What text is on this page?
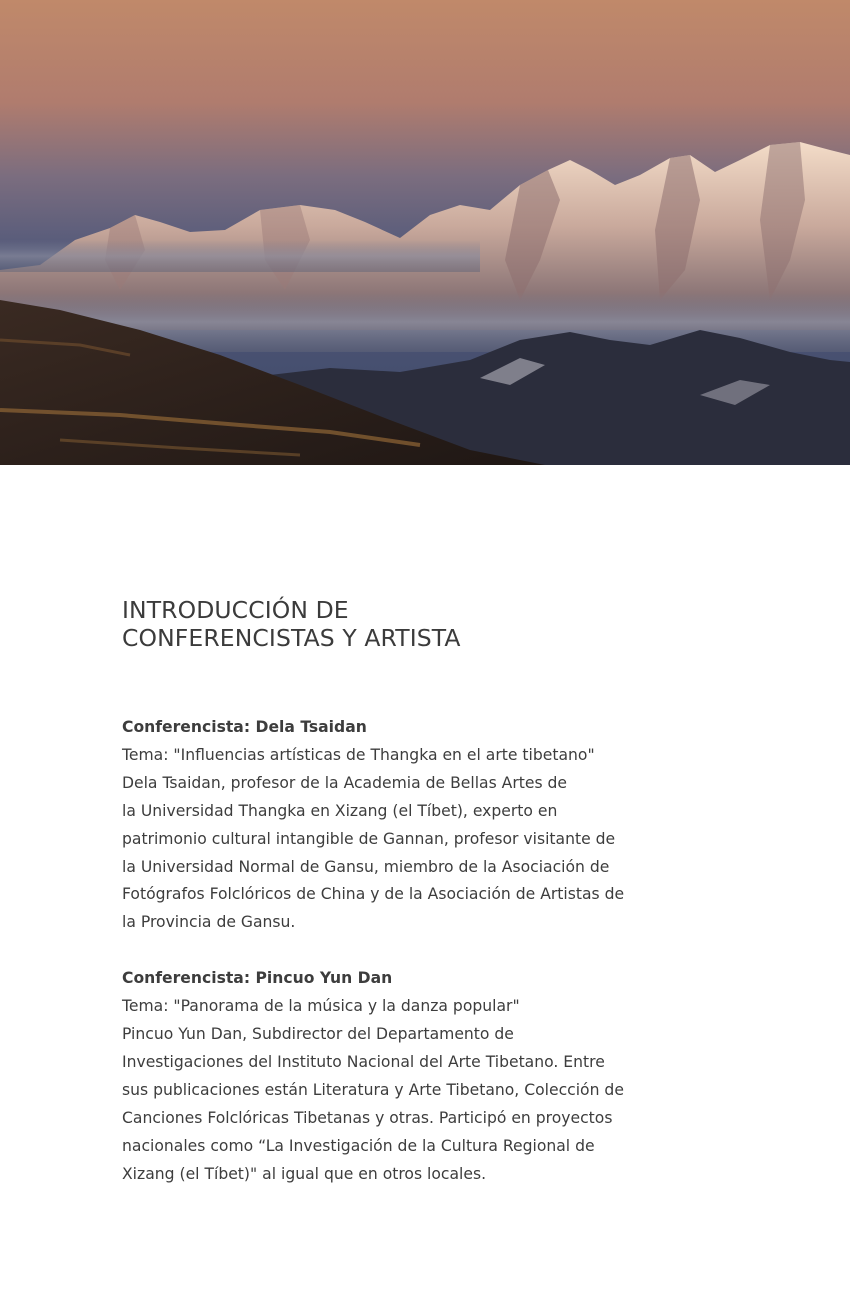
INTRODUCCIÓN DE
CONFERENCISTAS Y ARTISTA
Conferencista: Dela Tsaidan
Tema: "Influencias artísticas de Thangka en el arte tibetano"
Dela Tsaidan, profesor de la Academia de Bellas Artes de
la Universidad Thangka en Xizang (el Tíbet), experto en
patrimonio cultural intangible de Gannan, profesor visitante de
la Universidad Normal de Gansu, miembro de la Asociación de
Fotógrafos Folclóricos de China y de la Asociación de Artistas de
la Provincia de Gansu.
Conferencista: Pincuo Yun Dan
Tema: "Panorama de la música y la danza popular"
Pincuo Yun Dan, Subdirector del Departamento de
Investigaciones del Instituto Nacional del Arte Tibetano. Entre
sus publicaciones están Literatura y Arte Tibetano, Colección de
Canciones Folclóricas Tibetanas y otras. Participó en proyectos
nacionales como “La Investigación de la Cultura Regional de
Xizang (el Tíbet)" al igual que en otros locales.
